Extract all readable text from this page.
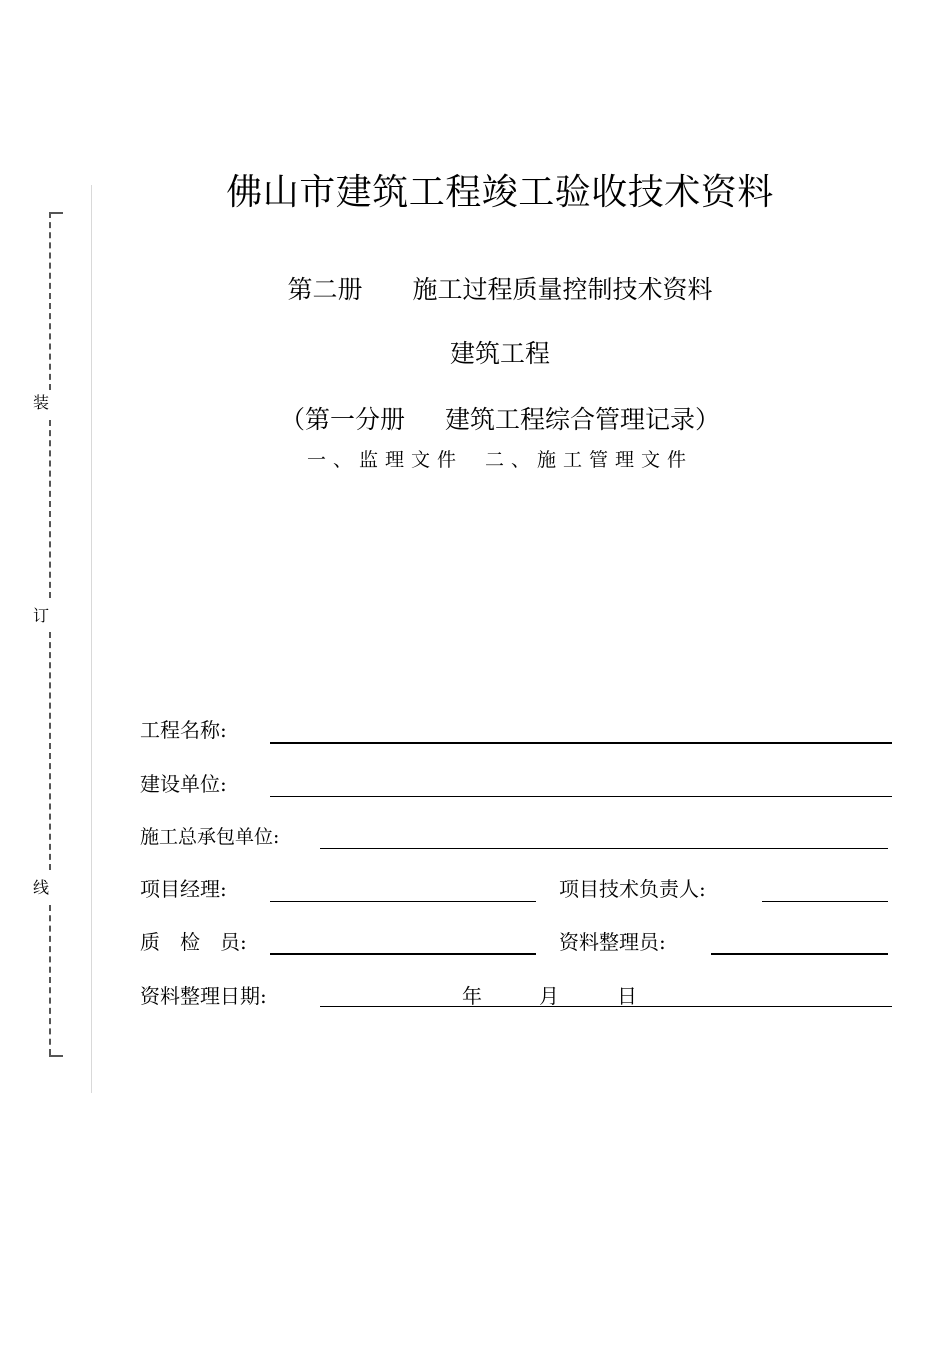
装
订
线
佛山市建筑工程竣工验收技术资料
第二册 施工过程质量控制技术资料
建筑工程
（第一分册 建筑工程综合管理记录）
一、监理文件 二、施工管理文件
工程名称:
建设单位:
施工总承包单位:
项目经理:	项目技术负责人:
质　检　员:	资料整理员:
资料整理日期:	年	月	日
